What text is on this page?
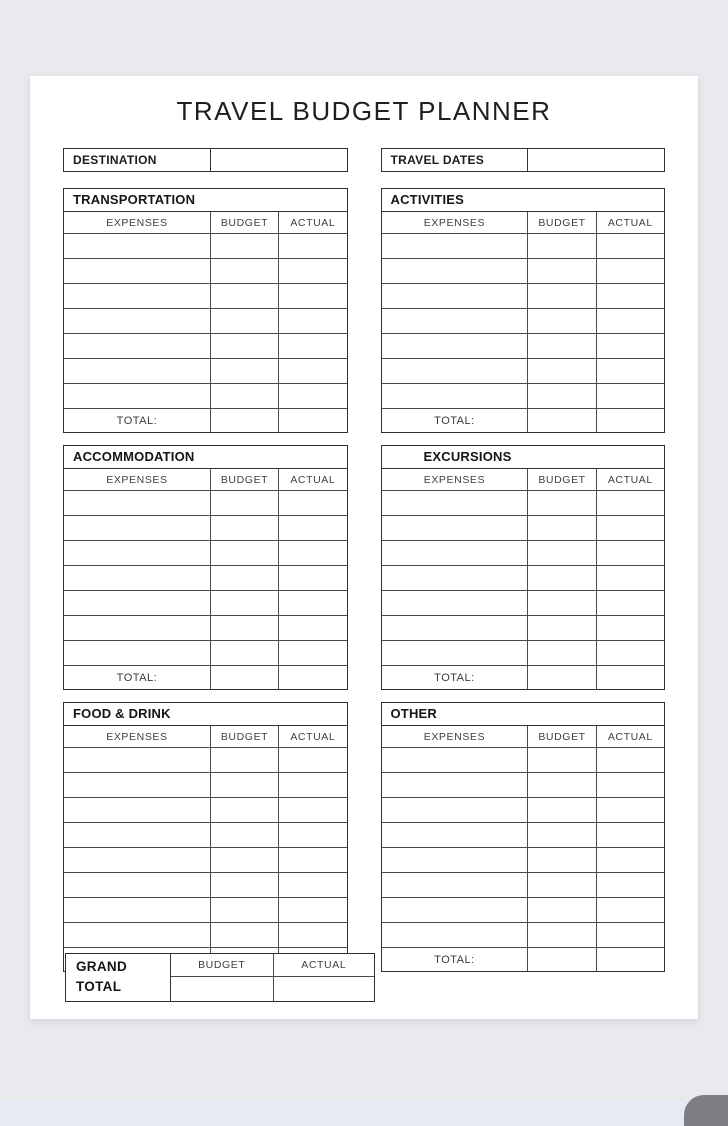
TRAVEL BUDGET PLANNER
DESTINATION	TRAVEL DATES
TRANSPORTATION
EXPENSES	BUDGET	ACTUAL

TOTAL:		
ACCOMMODATION
EXPENSES	BUDGET	ACTUAL

TOTAL:		
FOOD & DRINK
EXPENSES	BUDGET	ACTUAL

ACTIVITIES
EXPENSES	BUDGET	ACTUAL

TOTAL:		
EXCURSIONS
EXPENSES	BUDGET	ACTUAL

TOTAL:		
OTHER
EXPENSES	BUDGET	ACTUAL

TOTAL:		
GRAND
TOTAL
BUDGET	ACTUAL
